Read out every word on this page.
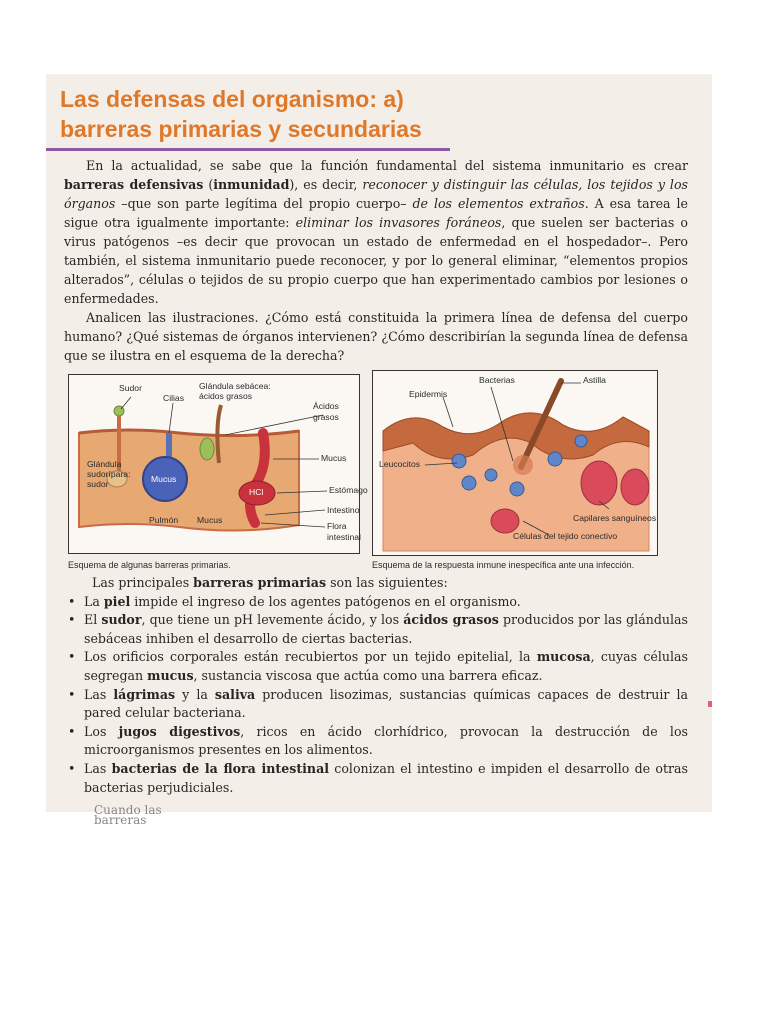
Las defensas del organismo: a)
barreras primarias y secundarias

En la actualidad, se sabe que la función fundamental del sistema inmunitario es crear barreras defensivas (inmunidad), es decir, reconocer y distinguir las células, los tejidos y los órganos –que son parte legítima del propio cuerpo– de los elementos extraños. A esa tarea le sigue otra igualmente importante: eliminar los invasores foráneos, que suelen ser bacterias o virus patógenos –es decir que provocan un estado de enfermedad en el hospedador–. Pero también, el sistema inmunitario puede reconocer, y por lo general eliminar, “elementos propios alterados”, células o tejidos de su propio cuerpo que han experimentado cambios por lesiones o enfermedades.

Analicen las ilustraciones. ¿Cómo está constituida la primera línea de defensa del cuerpo humano? ¿Qué sistemas de órganos intervienen? ¿Cómo describirían la segunda línea de defensa que se ilustra en el esquema de la derecha?

Sudor
Cilias
Glándula sebácea:
ácidos grasos
Ácidos
grasos
Mucus
Glándula
sudorípara:
sudor	Mucus
HCl	Estómago
Intestino
Flora
intestinal
Pulmón Mucus
Esquema de algunas barreras primarias.
Bacterias	Astilla
Epidermis
Leucocitos
Capilares sanguíneos
Células del tejido conectivo
Esquema de la respuesta inmune inespecífica ante una infección.

Las principales barreras primarias son las siguientes:

• La piel impide el ingreso de los agentes patógenos en el organismo.
• El sudor, que tiene un pH levemente ácido, y los ácidos grasos producidos por las glándulas sebáceas inhiben el desarrollo de ciertas bacterias.
• Los orificios corporales están recubiertos por un tejido epitelial, la mucosa, cuyas células segregan mucus, sustancia viscosa que actúa como una barrera eficaz.
• Las lágrimas y la saliva producen lisozimas, sustancias químicas capaces de destruir la pared celular bacteriana.
• Los jugos digestivos, ricos en ácido clorhídrico, provocan la destrucción de los microorganismos presentes en los alimentos.
• Las bacterias de la flora intestinal colonizan el intestino e impiden el desarrollo de otras bacterias perjudiciales.
Cuando las barreras
